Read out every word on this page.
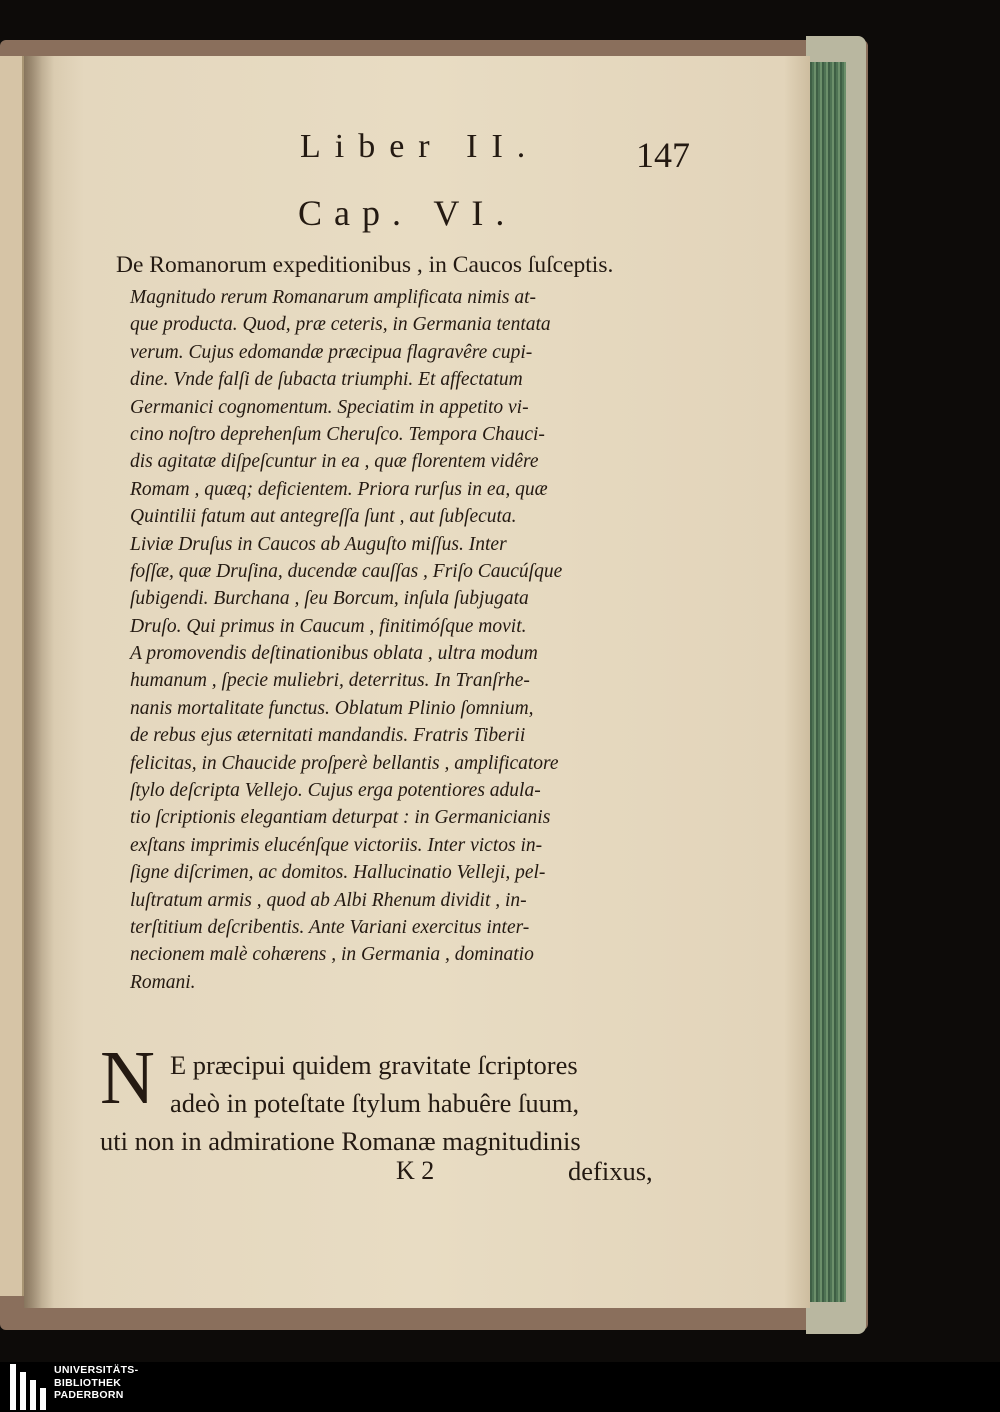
Liber II.	147
Cap. VI.
De Romanorum expeditionibus , in Caucos ſuſceptis.
Magnitudo rerum Romanarum amplificata nimis at-
que producta. Quod, præ ceteris, in Germania tentata
verum. Cujus edomandæ præcipua flagravêre cupi-
dine. Vnde falſi de ſubacta triumphi. Et affectatum
Germanici cognomentum. Speciatim in appetito vi-
cino noſtro deprehenſum Cheruſco. Tempora Chauci-
dis agitatæ diſpeſcuntur in ea , quæ florentem vidêre
Romam , quæq; deficientem. Priora rurſus in ea, quæ
Quintilii fatum aut antegreſſa ſunt , aut ſubſecuta.
Liviæ Druſus in Caucos ab Auguſto miſſus. Inter
foſſæ, quæ Druſina, ducendæ cauſſas , Friſo Caucúſque
ſubigendi. Burchana , ſeu Borcum, inſula ſubjugata
Druſo. Qui primus in Caucum , finitimóſque movit.
A promovendis deſtinationibus oblata , ultra modum
humanum , ſpecie muliebri, deterritus. In Tranſrhe-
nanis mortalitate functus. Oblatum Plinio ſomnium,
de rebus ejus æternitati mandandis. Fratris Tiberii
felicitas, in Chaucide proſperè bellantis , amplificatore
ſtylo deſcripta Vellejo. Cujus erga potentiores adula-
tio ſcriptionis elegantiam deturpat : in Germanicianis
exſtans imprimis elucénſque victoriis. Inter victos in-
ſigne diſcrimen, ac domitos. Hallucinatio Velleji, pel-
luſtratum armis , quod ab Albi Rhenum dividit , in-
terſtitium deſcribentis. Ante Variani exercitus inter-
necionem malè cohærens , in Germania , dominatio
Romani.
N E præcipui quidem gravitate ſcriptores
adeò in poteſtate ſtylum habuêre ſuum,
uti non in admiratione Romanæ magnitudinis
K 2	defixus,
UNIVERSITÄTS-
BIBLIOTHEK
PADERBORN
